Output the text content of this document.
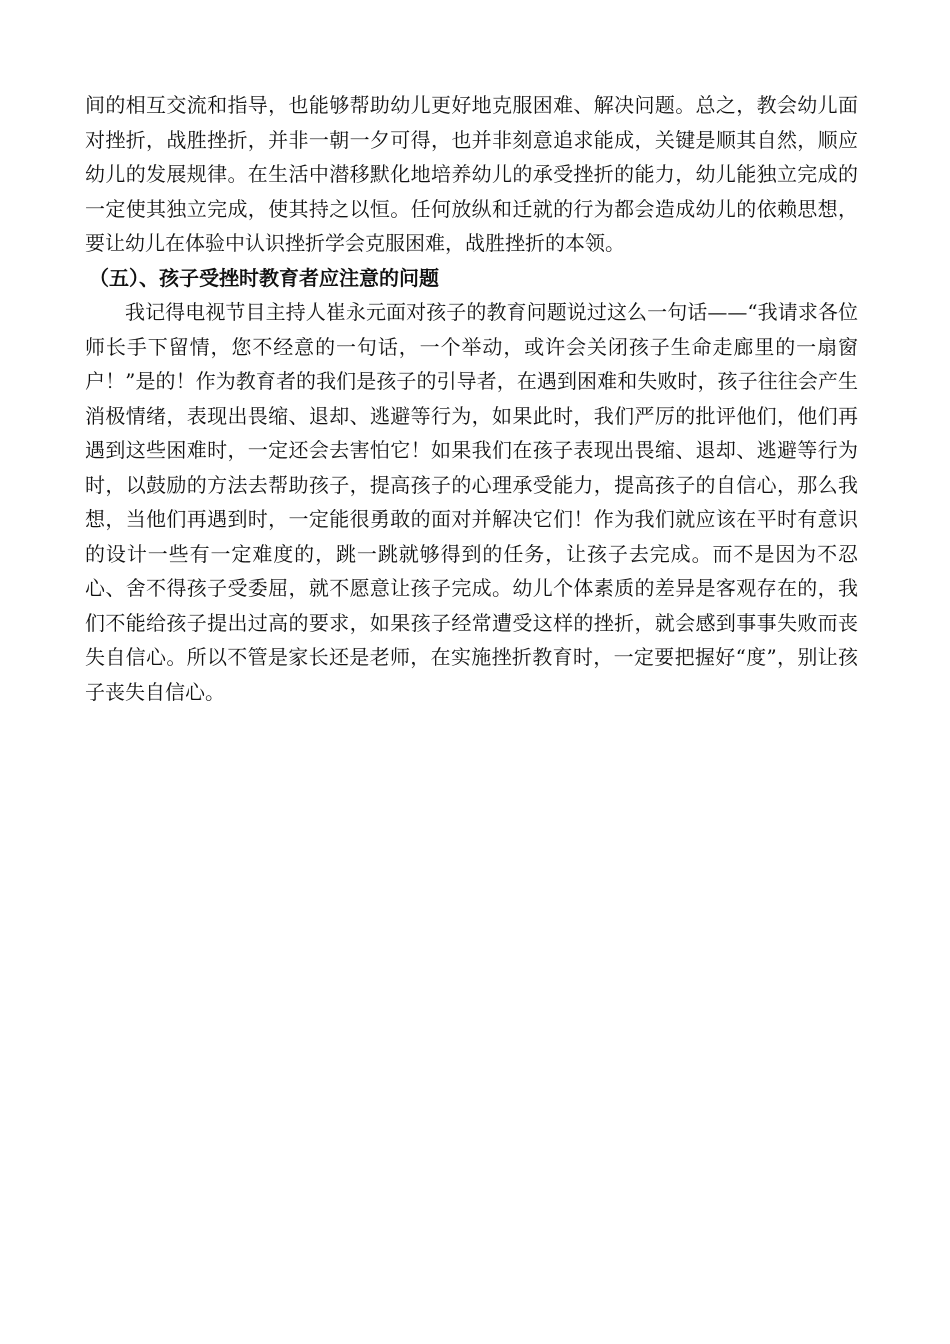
间的相互交流和指导，也能够帮助幼儿更好地克服困难、解决问题。总之，教会幼儿面对挫折，战胜挫折，并非一朝一夕可得，也并非刻意追求能成，关键是顺其自然，顺应幼儿的发展规律。在生活中潜移默化地培养幼儿的承受挫折的能力，幼儿能独立完成的一定使其独立完成，使其持之以恒。任何放纵和迁就的行为都会造成幼儿的依赖思想，要让幼儿在体验中认识挫折学会克服困难，战胜挫折的本领。

（五）、孩子受挫时教育者应注意的问题

我记得电视节目主持人崔永元面对孩子的教育问题说过这么一句话——“我请求各位师长手下留情，您不经意的一句话，一个举动，或许会关闭孩子生命走廊里的一扇窗户！”是的！作为教育者的我们是孩子的引导者，在遇到困难和失败时，孩子往往会产生消极情绪，表现出畏缩、退却、逃避等行为，如果此时，我们严厉的批评他们，他们再遇到这些困难时，一定还会去害怕它！如果我们在孩子表现出畏缩、退却、逃避等行为时，以鼓励的方法去帮助孩子，提高孩子的心理承受能力，提高孩子的自信心，那么我想，当他们再遇到时，一定能很勇敢的面对并解决它们！作为我们就应该在平时有意识的设计一些有一定难度的，跳一跳就够得到的任务，让孩子去完成。而不是因为不忍心、舍不得孩子受委屈，就不愿意让孩子完成。幼儿个体素质的差异是客观存在的，我们不能给孩子提出过高的要求，如果孩子经常遭受这样的挫折，就会感到事事失败而丧失自信心。所以不管是家长还是老师，在实施挫折教育时，一定要把握好“度”，别让孩子丧失自信心。
